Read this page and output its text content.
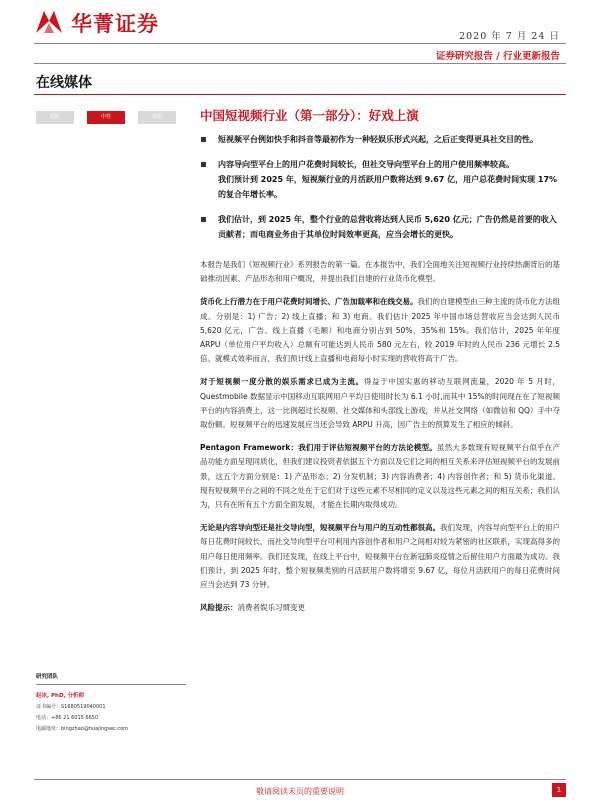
华菁证券
2020 年 7 月 24 日
证券研究报告 / 行业更新报告
在线媒体
超配	中性	低配	中国短视频行业（第一部分）：好戏上演

短视频平台例如快手和抖音等最初作为一种轻娱乐形式兴起，之后正变得更具社交目的性。

内容导向型平台上的用户花费时间较长，但社交导向型平台上的用户使用频率较高。

我们预计到 2025 年，短视频行业的月活跃用户数将达到 9.67 亿，用户总花费时间实现 17%的复合年增长率。

我们估计，到 2025 年，整个行业的总营收将达到人民币 5,620 亿元；广告仍然是首要的收入贡献者；而电商业务由于其单位时间效率更高，应当会增长的更快。

本报告是我们《短视频行业》系列报告的第一篇。在本报告中，我们全面地关注短视频行业持续热潮背后的基础推动因素、产品形态和用户概况，并提出我们自建的行业货币化模型。

货币化上行潜力在于用户花费时间增长、广告加载率和在线交易。我们的自建模型由三种主流的货币化方法组成。分别是：1) 广告；2) 线上直播；和 3) 电商。我们估计 2025 年中国市场总营收应当会达到人民币 5,620 亿元，广告、线上直播（毛额）和电商分别占到 50%、35%和 15%。我们估计，2025 年年度 ARPU（单位用户平均收入）总额有可能达到人民币 580 元左右，较 2019 年时的人民币 236 元增长 2.5 倍。就模式效率而言，我们预计线上直播和电商每小时实现的营收将高于广告。

对于短视频一度分散的娱乐需求已成为主流。得益于中国实惠的移动互联网流量，2020 年 5 月时，Questmobile 数据显示中国移动互联网用户平均日使用时长为 6.1 小时,而其中 15%的时间现在在了短视频平台的内容消费上，这一比例超过长视频、社交媒体和头部线上游戏，并从社交网络（如微信和 QQ）手中夺取份额。短视频平台的迅速发展应当还会导致 ARPU 升高，因广告主的预算发生了相应的倾斜。

Pentagon Framework：我们用于评估短视频平台的方法论模型。虽然大多数现有短视频平台似乎在产品功能方面呈现同质化，但我们建议投资者依据五个方面以及它们之间的相互关系来评估短视频平台的发展前景，这五个方面分别是：1) 产品形态；2) 分发机制；3) 内容消费者；4) 内容创作者；和 5) 货币化渠道。现有短视频平台之间的不同之处在于它们对于这些元素不尽相同的定义以及这些元素之间的相互关系；我们认为，只有在所有五个方面全面发展，才能在长期内取得成功。

无论是内容导向型还是社交导向型，短视频平台与用户的互动性都很高。我们发现，内容导向型平台上的用户每日花费时间较长，而社交导向型平台可利用内容创作者和用户之间相对较为紧密的社区联系，实现高得多的用户每日使用频率。我们还发现，在线上平台中，短视频平台在新冠肺炎疫情之后留住用户方面最为成功。我们预计，到 2025 年时，整个短视频类别的月活跃用户数将增至 9.67 亿，每位月活跃用户的每日花费时间应当会达到 73 分钟。

风险提示：消费者娱乐习惯变更

研究团队
赵冰, PhD, 分析师
证书编号：S1680519040001
电话：+86 21 6015 6650
电邮地址：bingzhao@huajingsec.com
敬请阅读末页的重要说明	1
